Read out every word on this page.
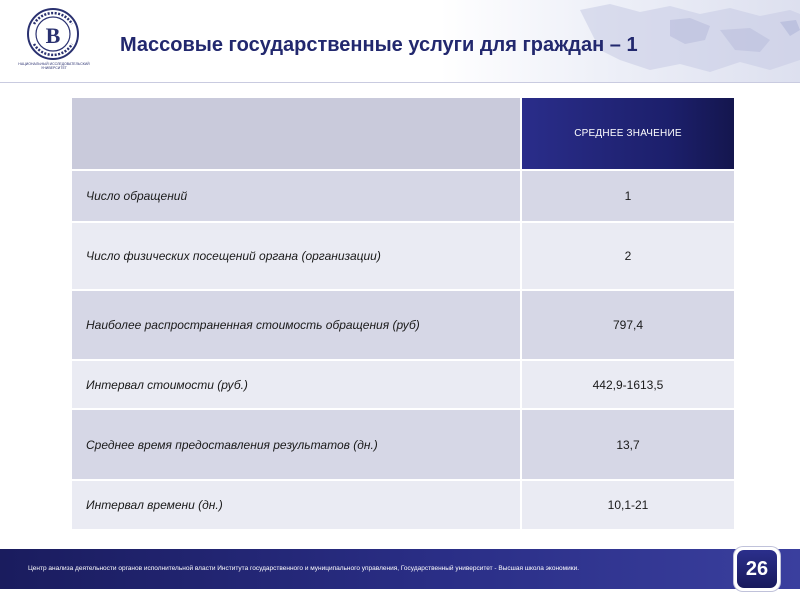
В
НАЦИОНАЛЬНЫЙ ИССЛЕДОВАТЕЛЬСКИЙ УНИВЕРСИТЕТ
Массовые государственные услуги для граждан – 1
	СРЕДНЕЕ ЗНАЧЕНИЕ
Число обращений	1
Число физических посещений органа (организации)	2
Наиболее распространенная стоимость обращения (руб)	797,4
Интервал стоимости (руб.)	442,9-1613,5
Среднее время предоставления результатов (дн.)	13,7
Интервал времени (дн.)	10,1-21
Центр анализа деятельности органов исполнительной власти Института государственного и муниципального управления, Государственный университет - Высшая школа экономики.	26
